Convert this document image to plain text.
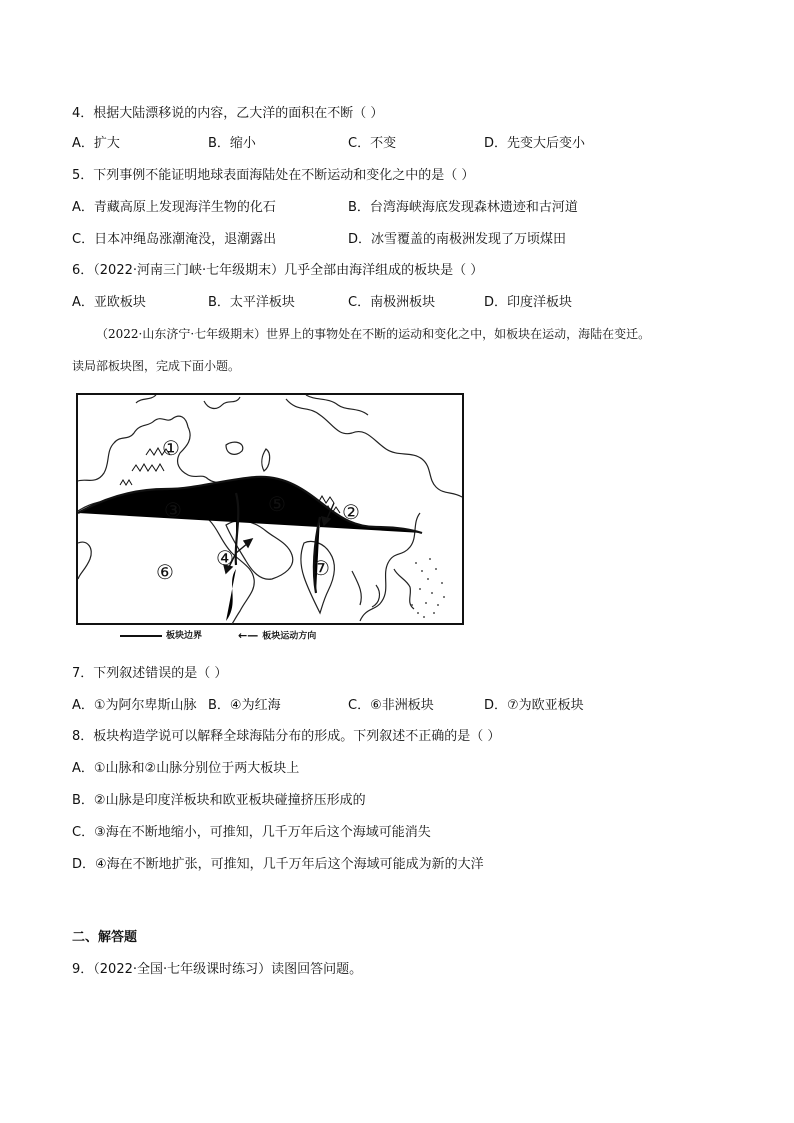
4．根据大陆漂移说的内容，乙大洋的面积在不断（ ）
A．扩大	B．缩小	C．不变	D．先变大后变小
5．下列事例不能证明地球表面海陆处在不断运动和变化之中的是（ ）
A．青藏高原上发现海洋生物的化石	B．台湾海峡海底发现森林遗迹和古河道
C．日本冲绳岛涨潮淹没，退潮露出	D．冰雪覆盖的南极洲发现了万顷煤田
6．（2022·河南三门峡·七年级期末）几乎全部由海洋组成的板块是（ ）
A．亚欧板块	B．太平洋板块	C．南极洲板块	D．印度洋板块
（2022·山东济宁·七年级期末）世界上的事物处在不断的运动和变化之中，如板块在运动，海陆在变迁。
读局部板块图，完成下面小题。
①
②
③
④
⑤
⑥	⑦
板块边界	←— 板块运动方向
7．下列叙述错误的是（ ）
A．①为阿尔卑斯山脉 B．④为红海	C．⑥非洲板块	D．⑦为欧亚板块
8．板块构造学说可以解释全球海陆分布的形成。下列叙述不正确的是（ ）
A．①山脉和②山脉分别位于两大板块上
B．②山脉是印度洋板块和欧亚板块碰撞挤压形成的
C．③海在不断地缩小，可推知，几千万年后这个海域可能消失
D．④海在不断地扩张，可推知，几千万年后这个海域可能成为新的大洋
二、解答题
9．（2022·全国·七年级课时练习）读图回答问题。
